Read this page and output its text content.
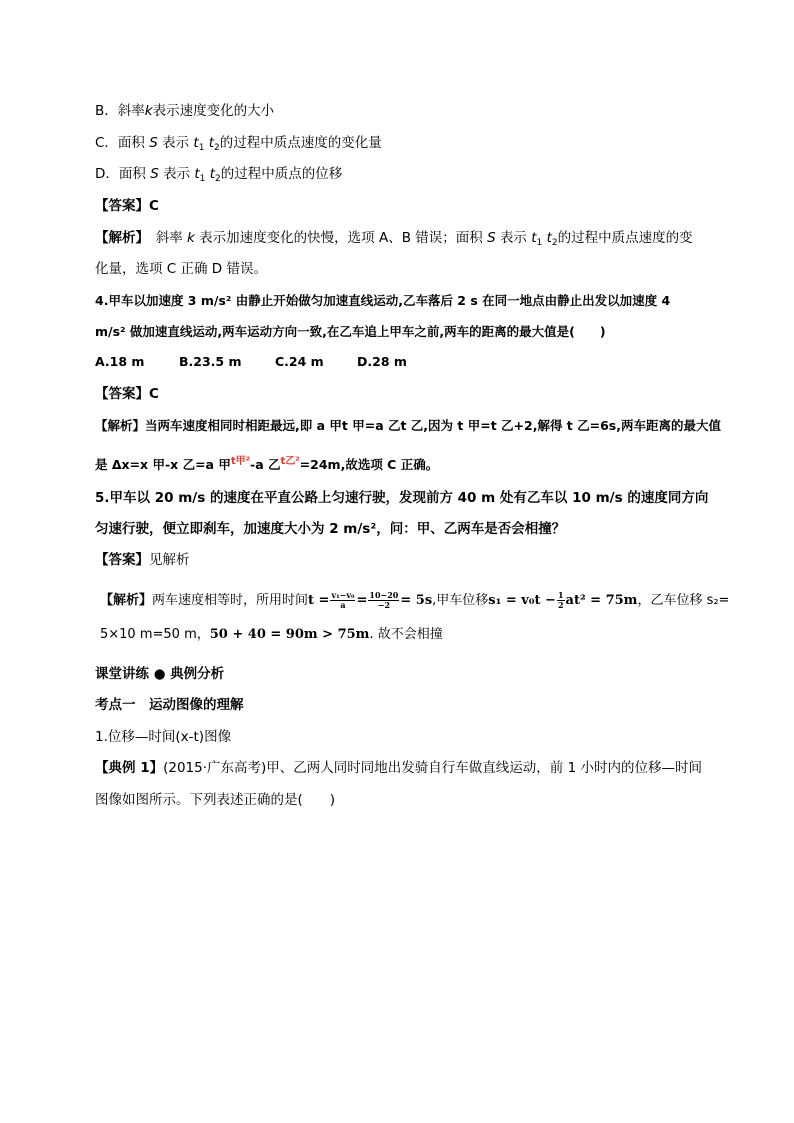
B．斜率k表示速度变化的大小
C．面积 S 表示 $t_1$ $t_2$的过程中质点速度的变化量
D．面积 S 表示 $t_1$ $t_2$的过程中质点的位移
【答案】C
【解析】　斜率 k 表示加速度变化的快慢，选项 A、B 错误；面积 S 表示 $t_1$ $t_2$的过程中质点速度的变
化量，选项 C 正确 D 错误。
4.甲车以加速度 3 m/s² 由静止开始做匀加速直线运动,乙车落后 2 s 在同一地点由静止出发以加速度 4
m/s² 做加速直线运动,两车运动方向一致,在乙车追上甲车之前,两车的距离的最大值是(　　)
A.18 m	B.23.5 m	C.24 m	D.28 m
【答案】C
【解析】当两车速度相同时相距最远,即 a 甲t 甲=a 乙t 乙,因为 t 甲=t 乙+2,解得 t 乙=6s,两车距离的最大值
是 Δx=x 甲-x 乙=a 甲$^{t甲^2}$-a 乙$^{t乙^2}$=24m,故选项 C 正确。
5.甲车以 20 m/s 的速度在平直公路上匀速行驶，发现前方 40 m 处有乙车以 10 m/s 的速度同方向
匀速行驶，便立即刹车，加速度大小为 2 m/s²，问：甲、乙两车是否会相撞？
【答案】见解析
【解析】两车速度相等时，所用时间$t = \frac{\text{v₁−v₀}}{a} = \frac{10-20}{-2} = 5s$,甲车位移$s_1 = v_0t - \frac{1}{2} at^2 = 75m$，乙车位移 s₂=
5×10 m=50 m，50 + 40 = 90m > 75m. 故不会相撞
课堂讲练 ● 典例分析
考点一　运动图像的理解
1.位移—时间(x-t)图像
【典例 1】(2015·广东高考)甲、乙两人同时同地出发骑自行车做直线运动，前 1 小时内的位移—时间
图像如图所示。下列表述正确的是(　　)
